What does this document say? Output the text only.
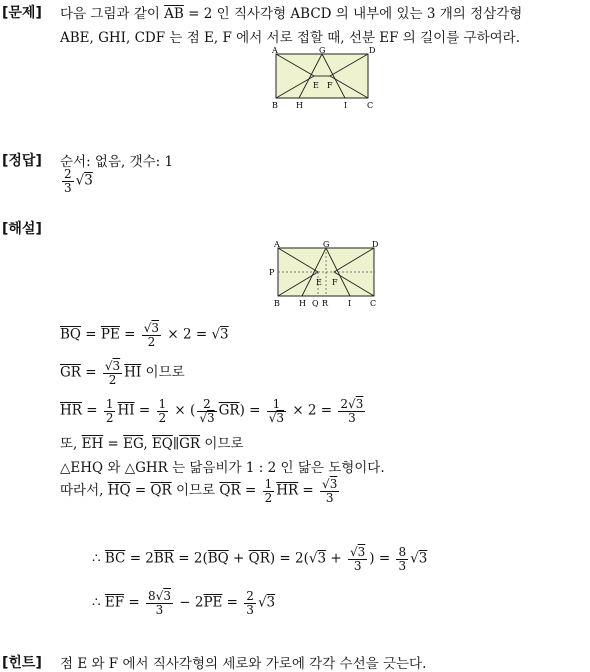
[문제] 다음 그림과 같이 $\overline{AB} = 2$ 인 직사각형 ABCD 의 내부에 있는 3 개의 정삼각형
ABE, GHI, CDF 는 점 E, F 에서 서로 접할 때, 선분 EF 의 길이를 구하여라.
A	G	D
E F
B H	I C
[정답] 순서: 없음, 갯수: 1
$\frac{2}{3} √3$
[해설]
A	G	D
P
E F
B H Q R I C
$\overline{BQ} = \overline{PE} = \frac{√3}{2} \times 2 = √3$
$\overline{GR} = \frac{√3}{2} \overline{HI}$ 이므로
$\overline{HR} = \frac{1}{2} \overline{HI} = \frac{1}{2}$ × ( $\frac{2}{√3} \overline{GR}) = \frac{1}{√3} \times 2 = \frac{2√3}{3}$
또, $\overline{EH} = \overline{EG}$, $\overline{EQ}\parallel\overline{GR}$ 이므로
△EHQ 와 △GHR 는 닮음비가 1 : 2 인 닮은 도형이다.
따라서, $\overline{HQ} = \overline{QR}$ 이므로 $\overline{QR} = \frac{1}{2} \overline{HR} = \frac{√3}{3}$
∴ $\overline{BC} = 2\overline{BR} = 2(\overline{BQ} + \overline{QR}) = 2(√3 + \frac{√3}{3}$ ) = $\frac{8}{3} √3$
∴ $\overline{EF} = \frac{8√3}{3} - 2\overline{PE} = \frac{2}{3} √3$
[힌트] 점 E 와 F 에서 직사각형의 세로와 가로에 각각 수선을 긋는다.
